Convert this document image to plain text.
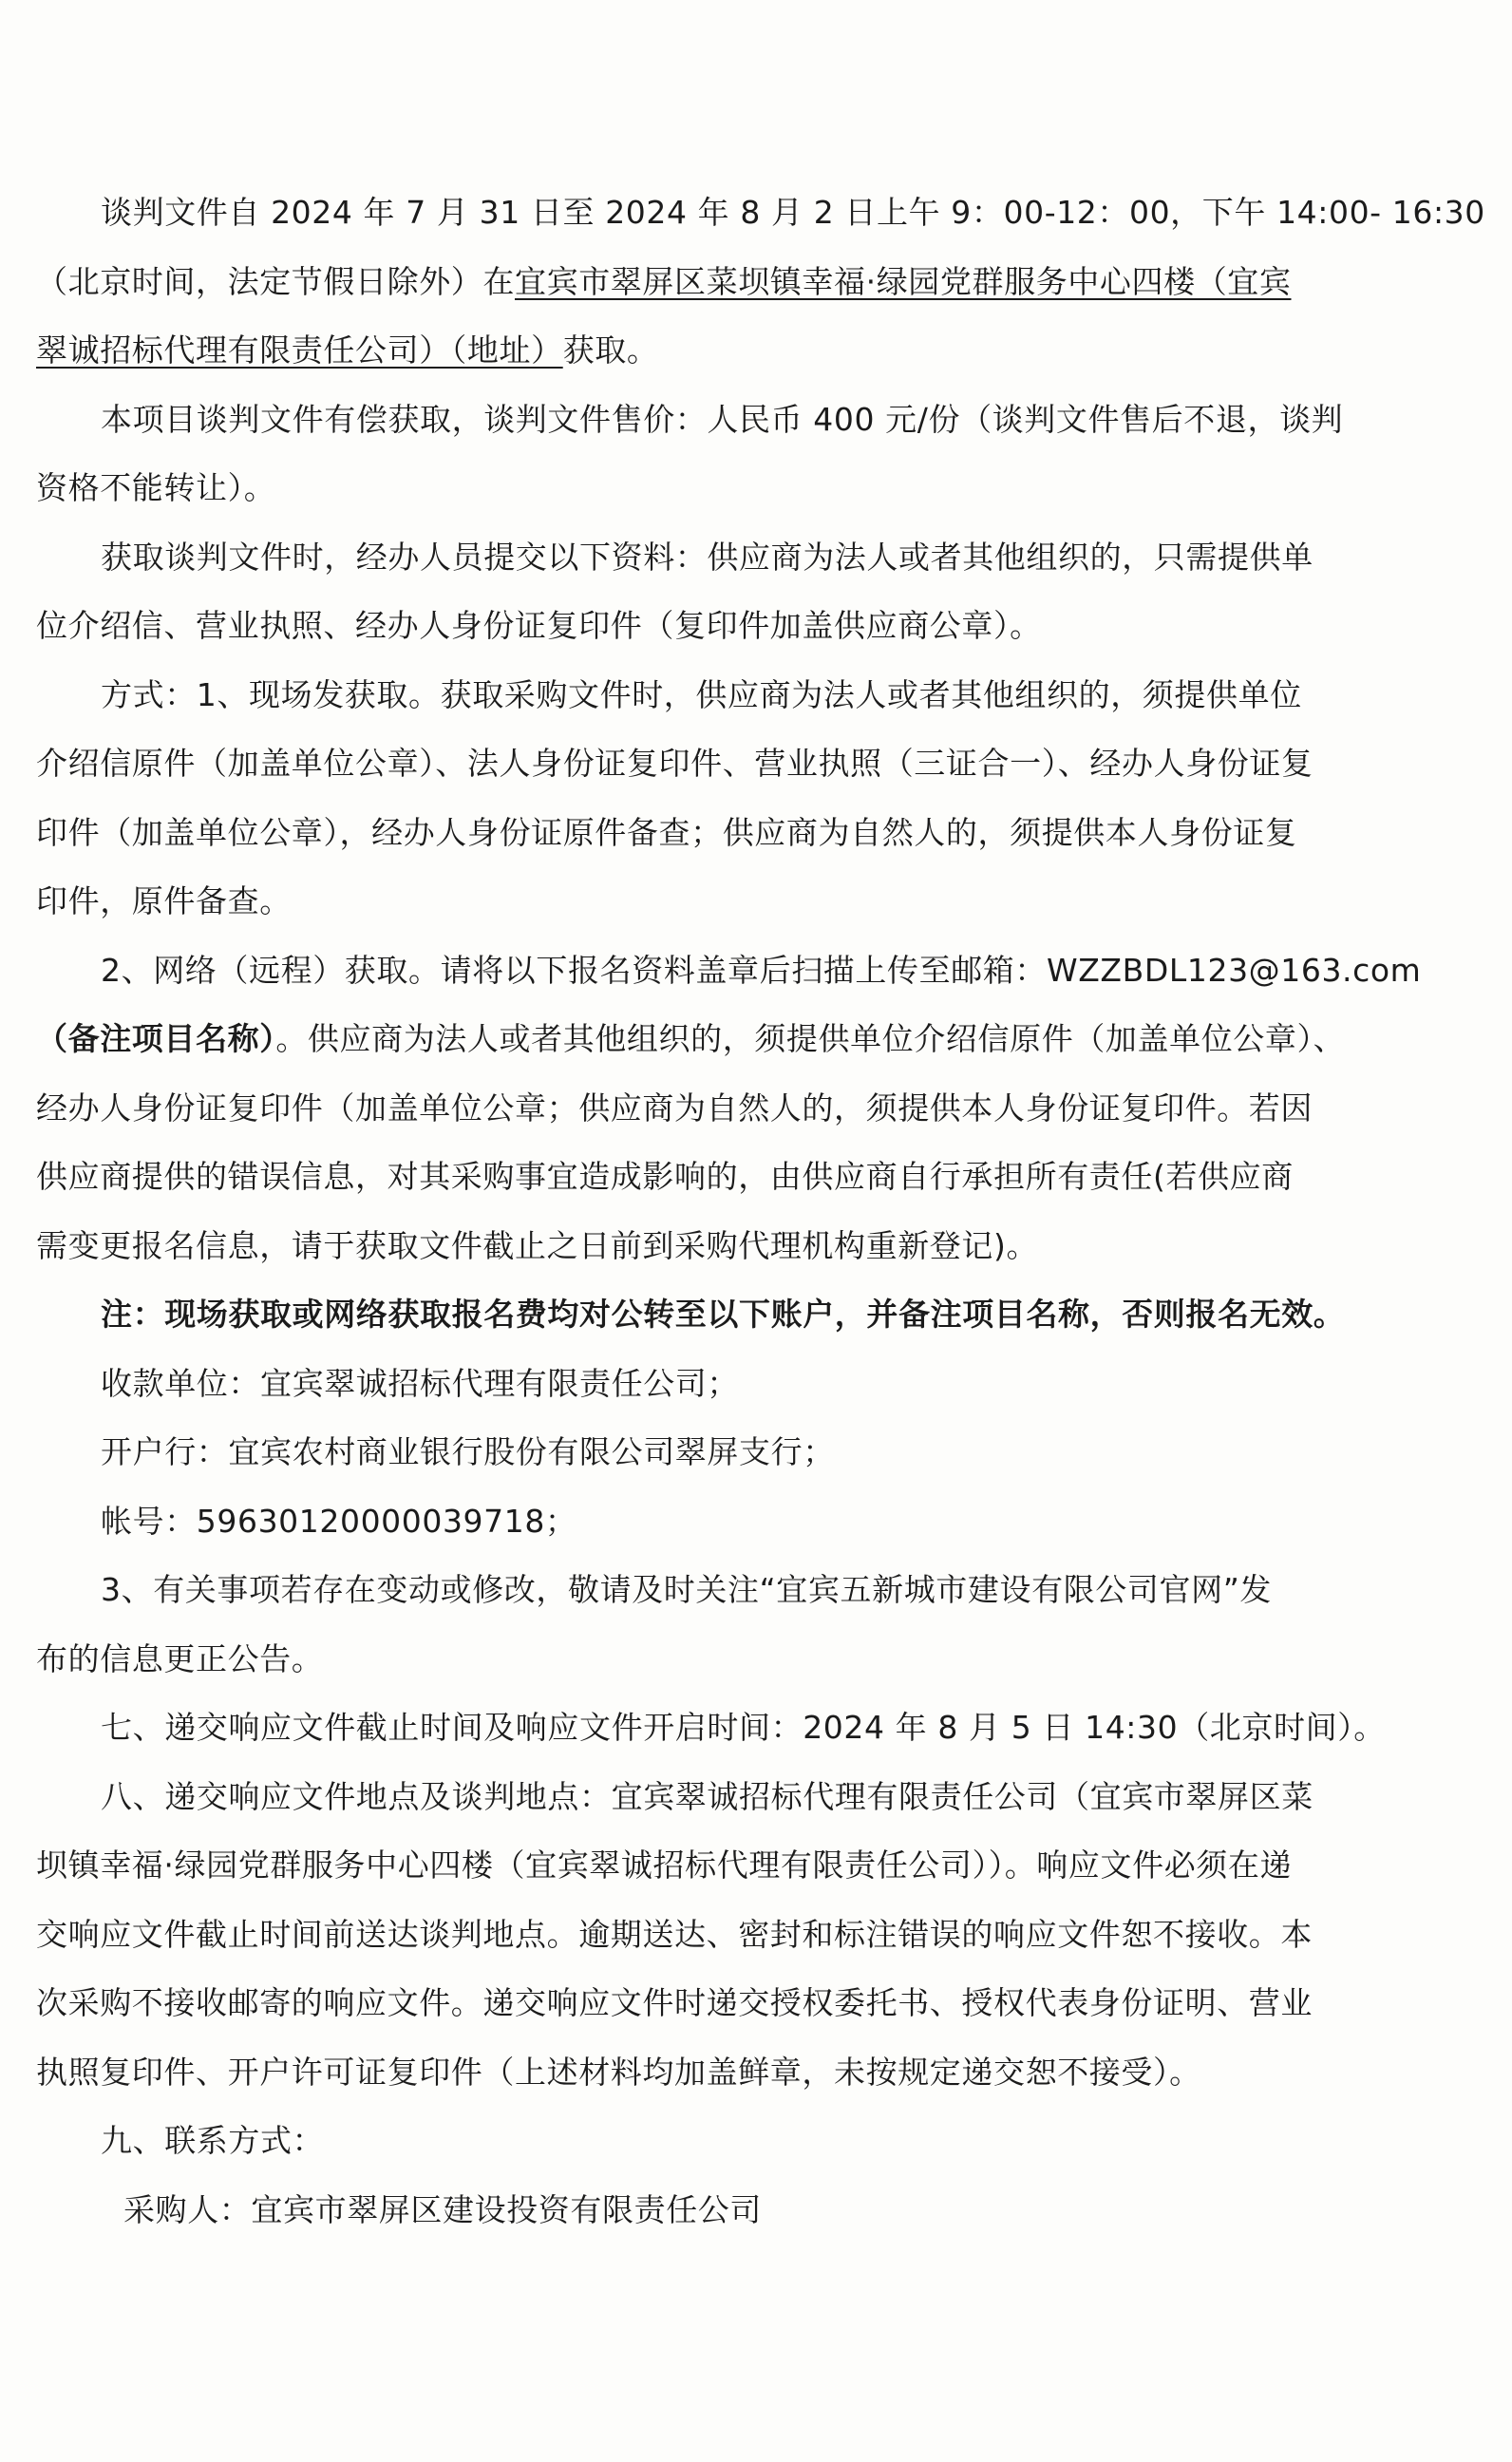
谈判文件自 2024 年 7 月 31 日至 2024 年 8 月 2 日上午 9：00-12：00，下午 14:00- 16:30
（北京时间，法定节假日除外）在宜宾市翠屏区菜坝镇幸福·绿园党群服务中心四楼（宜宾
翠诚招标代理有限责任公司）（地址）获取。
本项目谈判文件有偿获取，谈判文件售价：人民币 400 元/份（谈判文件售后不退，谈判
资格不能转让）。
获取谈判文件时，经办人员提交以下资料：供应商为法人或者其他组织的，只需提供单
位介绍信、营业执照、经办人身份证复印件（复印件加盖供应商公章）。
方式：1、现场发获取。获取采购文件时，供应商为法人或者其他组织的，须提供单位
介绍信原件（加盖单位公章）、法人身份证复印件、营业执照（三证合一）、经办人身份证复
印件（加盖单位公章），经办人身份证原件备查；供应商为自然人的，须提供本人身份证复
印件，原件备查。
2、网络（远程）获取。请将以下报名资料盖章后扫描上传至邮箱：WZZBDL123@163.com
（备注项目名称）。供应商为法人或者其他组织的，须提供单位介绍信原件（加盖单位公章）、
经办人身份证复印件（加盖单位公章；供应商为自然人的，须提供本人身份证复印件。若因
供应商提供的错误信息，对其采购事宜造成影响的，由供应商自行承担所有责任(若供应商
需变更报名信息，请于获取文件截止之日前到采购代理机构重新登记)。
注：现场获取或网络获取报名费均对公转至以下账户，并备注项目名称，否则报名无效。
收款单位：宜宾翠诚招标代理有限责任公司；
开户行：宜宾农村商业银行股份有限公司翠屏支行；
帐号：59630120000039718；
3、有关事项若存在变动或修改，敬请及时关注“宜宾五新城市建设有限公司官网”发
布的信息更正公告。
七、递交响应文件截止时间及响应文件开启时间：2024 年 8 月 5 日 14:30（北京时间）。
八、递交响应文件地点及谈判地点：宜宾翠诚招标代理有限责任公司（宜宾市翠屏区菜
坝镇幸福·绿园党群服务中心四楼（宜宾翠诚招标代理有限责任公司））。响应文件必须在递
交响应文件截止时间前送达谈判地点。逾期送达、密封和标注错误的响应文件恕不接收。本
次采购不接收邮寄的响应文件。递交响应文件时递交授权委托书、授权代表身份证明、营业
执照复印件、开户许可证复印件（上述材料均加盖鲜章，未按规定递交恕不接受）。
九、联系方式：
采购人：宜宾市翠屏区建设投资有限责任公司
